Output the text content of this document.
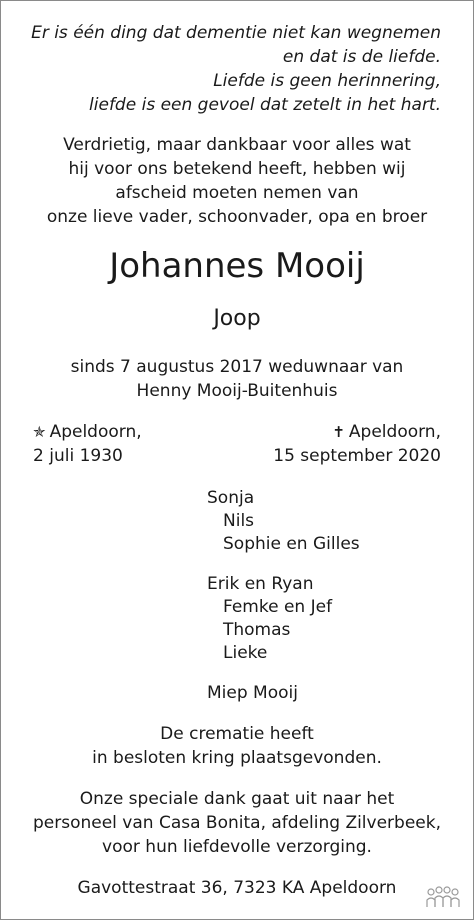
Er is één ding dat dementie niet kan wegnemen
en dat is de liefde.
Liefde is geen herinnering,
liefde is een gevoel dat zetelt in het hart.
Verdrietig, maar dankbaar voor alles wat
hij voor ons betekend heeft, hebben wij
afscheid moeten nemen van
onze lieve vader, schoonvader, opa en broer
Johannes Mooij
Joop
sinds 7 augustus 2017 weduwnaar van
Henny Mooij-Buitenhuis
✯ Apeldoorn,
2 juli 1930
✝ Apeldoorn,
15 september 2020
Sonja
Nils
Sophie en Gilles
Erik en Ryan
Femke en Jef
Thomas
Lieke
Miep Mooij
De crematie heeft
in besloten kring plaatsgevonden.
Onze speciale dank gaat uit naar het
personeel van Casa Bonita, afdeling Zilverbeek,
voor hun liefdevolle verzorging.
Gavottestraat 36, 7323 KA Apeldoorn
